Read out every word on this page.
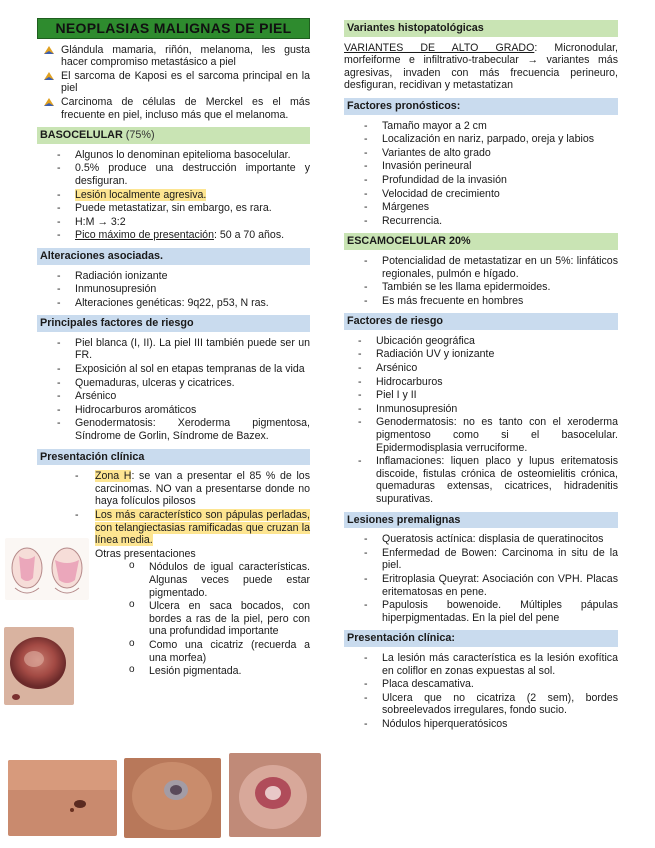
NEOPLASIAS MALIGNAS DE PIEL
Glándula mamaria, riñón, melanoma, les gusta hacer compromiso metastásico a piel
El sarcoma de Kaposi es el sarcoma principal en la piel
Carcinoma de células de Merckel es el más frecuente en piel, incluso más que el melanoma.
BASOCELULAR (75%)
- Algunos lo denominan epitelioma basocelular.
- 0.5% produce una destrucción importante y desfiguran.
- Lesión localmente agresiva.
- Puede metastatizar, sin embargo, es rara.
- H:M → 3:2
- Pico máximo de presentación: 50 a 70 años.
Alteraciones asociadas.
- Radiación ionizante
- Inmunosupresión
- Alteraciones genéticas: 9q22, p53, N ras.
Principales factores de riesgo
- Piel blanca (I, II). La piel III también puede ser un FR.
- Exposición al sol en etapas tempranas de la vida
- Quemaduras, ulceras y cicatrices.
- Arsénico
- Hidrocarburos aromáticos
- Genodermatosis: Xeroderma pigmentosa, Síndrome de Gorlin, Síndrome de Bazex.
Presentación clínica
- Zona H: se van a presentar el 85 % de los carcinomas. NO van a presentarse donde no haya folículos pilosos
- Los más característico son pápulas perladas, con telangiectasias ramificadas que cruzan la línea media.
- Otras presentaciones
o Nódulos de igual características. Algunas veces puede estar pigmentado.
o Ulcera en saca bocados, con bordes a ras de la piel, pero con una profundidad importante
o Como una cicatriz (recuerda a una morfea)
o Lesión pigmentada.
Variantes histopatológicas

VARIANTES DE ALTO GRADO: Micronodular, morfeiforme e infiltrativo-trabecular → variantes más agresivas, invaden con más frecuencia perineuro, desfiguran, recidivan y metastatizan

Factores pronósticos:
- Tamaño mayor a 2 cm
- Localización en nariz, parpado, oreja y labios
- Variantes de alto grado
- Invasión perineural
- Profundidad de la invasión
- Velocidad de crecimiento
- Márgenes
- Recurrencia.
ESCAMOCELULAR 20%
- Potencialidad de metastatizar en un 5%: linfáticos regionales, pulmón e hígado.
- También se les llama epidermoides.
- Es más frecuente en hombres
Factores de riesgo
- Ubicación geográfica
- Radiación UV y ionizante
- Arsénico
- Hidrocarburos
- Piel I y II
- Inmunosupresión
- Genodermatosis: no es tanto con el xeroderma pigmentoso como si el basocelular. Epidermodisplasia verruciforme.
- Inflamaciones: liquen placo y lupus eritematosis discoide, fistulas crónica de osteomielitis crónica, quemaduras extensas, cicatrices, hidradenitis supurativas.
Lesiones premalignas
- Queratosis actínica: displasia de queratinocitos
- Enfermedad de Bowen: Carcinoma in situ de la piel.
- Eritroplasia Queyrat: Asociación con VPH. Placas eritematosas en pene.
- Papulosis bowenoide. Múltiples pápulas hiperpigmentadas. En la piel del pene
Presentación clínica:
- La lesión más característica es la lesión exofítica en coliflor en zonas expuestas al sol.
- Placa descamativa.
- Ulcera que no cicatriza (2 sem), bordes sobreelevados irregulares, fondo sucio.
- Nódulos hiperqueratósicos
